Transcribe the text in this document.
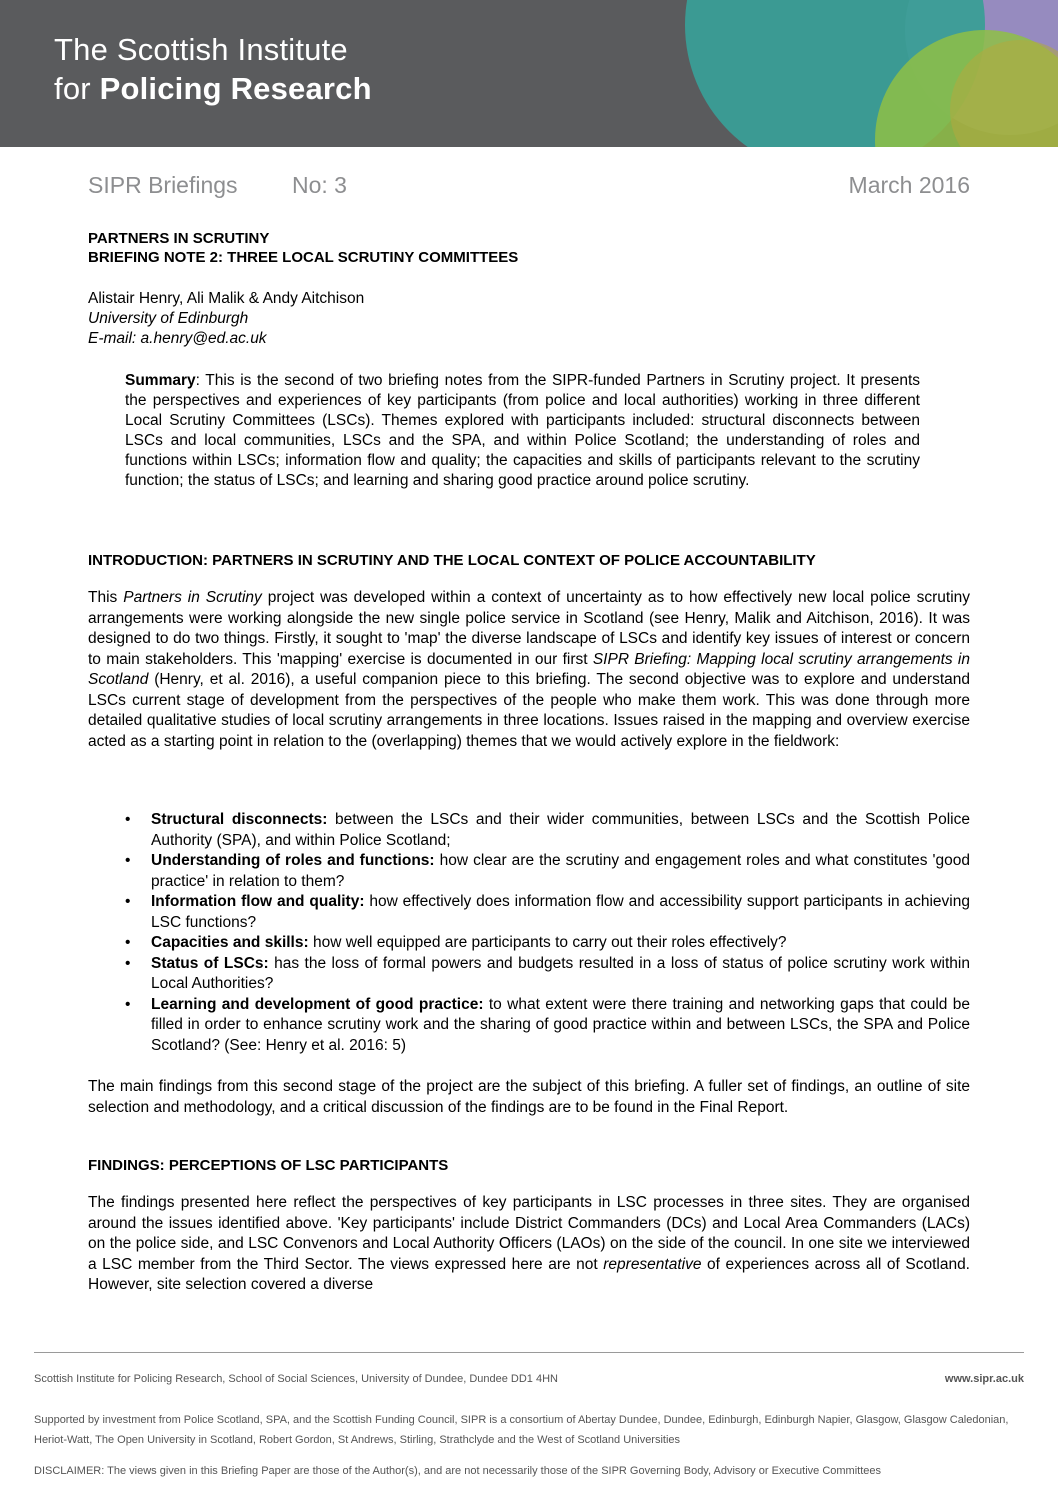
The Scottish Institute
for Policing Research
SIPR Briefings No: 3	March 2016
PARTNERS IN SCRUTINY
BRIEFING NOTE 2: THREE LOCAL SCRUTINY COMMITTEES
Alistair Henry, Ali Malik & Andy Aitchison
University of Edinburgh
E-mail: a.henry@ed.ac.uk
Summary: This is the second of two briefing notes from the SIPR-funded Partners in Scrutiny project. It presents the perspectives and experiences of key participants (from police and local authorities) working in three different Local Scrutiny Committees (LSCs). Themes explored with participants included: structural disconnects between LSCs and local communities, LSCs and the SPA, and within Police Scotland; the understanding of roles and functions within LSCs; information flow and quality; the capacities and skills of participants relevant to the scrutiny function; the status of LSCs; and learning and sharing good practice around police scrutiny.
INTRODUCTION: PARTNERS IN SCRUTINY AND THE LOCAL CONTEXT OF POLICE ACCOUNTABILITY
This Partners in Scrutiny project was developed within a context of uncertainty as to how effectively new local police scrutiny arrangements were working alongside the new single police service in Scotland (see Henry, Malik and Aitchison, 2016). It was designed to do two things. Firstly, it sought to 'map' the diverse landscape of LSCs and identify key issues of interest or concern to main stakeholders. This 'mapping' exercise is documented in our first SIPR Briefing: Mapping local scrutiny arrangements in Scotland (Henry, et al. 2016), a useful companion piece to this briefing. The second objective was to explore and understand LSCs current stage of development from the perspectives of the people who make them work. This was done through more detailed qualitative studies of local scrutiny arrangements in three locations. Issues raised in the mapping and overview exercise acted as a starting point in relation to the (overlapping) themes that we would actively explore in the fieldwork:
• Structural disconnects: between the LSCs and their wider communities, between LSCs and the Scottish Police Authority (SPA), and within Police Scotland;
• Understanding of roles and functions: how clear are the scrutiny and engagement roles and what constitutes 'good practice' in relation to them?
• Information flow and quality: how effectively does information flow and accessibility support participants in achieving LSC functions?
• Capacities and skills: how well equipped are participants to carry out their roles effectively?
• Status of LSCs: has the loss of formal powers and budgets resulted in a loss of status of police scrutiny work within Local Authorities?
• Learning and development of good practice: to what extent were there training and networking gaps that could be filled in order to enhance scrutiny work and the sharing of good practice within and between LSCs, the SPA and Police Scotland? (See: Henry et al. 2016: 5)
The main findings from this second stage of the project are the subject of this briefing. A fuller set of findings, an outline of site selection and methodology, and a critical discussion of the findings are to be found in the Final Report.
FINDINGS: PERCEPTIONS OF LSC PARTICIPANTS
The findings presented here reflect the perspectives of key participants in LSC processes in three sites. They are organised around the issues identified above. 'Key participants' include District Commanders (DCs) and Local Area Commanders (LACs) on the police side, and LSC Convenors and Local Authority Officers (LAOs) on the side of the council. In one site we interviewed a LSC member from the Third Sector. The views expressed here are not representative of experiences across all of Scotland. However, site selection covered a diverse
Scottish Institute for Policing Research, School of Social Sciences, University of Dundee, Dundee DD1 4HN	www.sipr.ac.uk
Supported by investment from Police Scotland, SPA, and the Scottish Funding Council, SIPR is a consortium of Abertay Dundee, Dundee, Edinburgh, Edinburgh Napier, Glasgow, Glasgow Caledonian, Heriot-Watt, The Open University in Scotland, Robert Gordon, St Andrews, Stirling, Strathclyde and the West of Scotland Universities
DISCLAIMER: The views given in this Briefing Paper are those of the Author(s), and are not necessarily those of the SIPR Governing Body, Advisory or Executive Committees
